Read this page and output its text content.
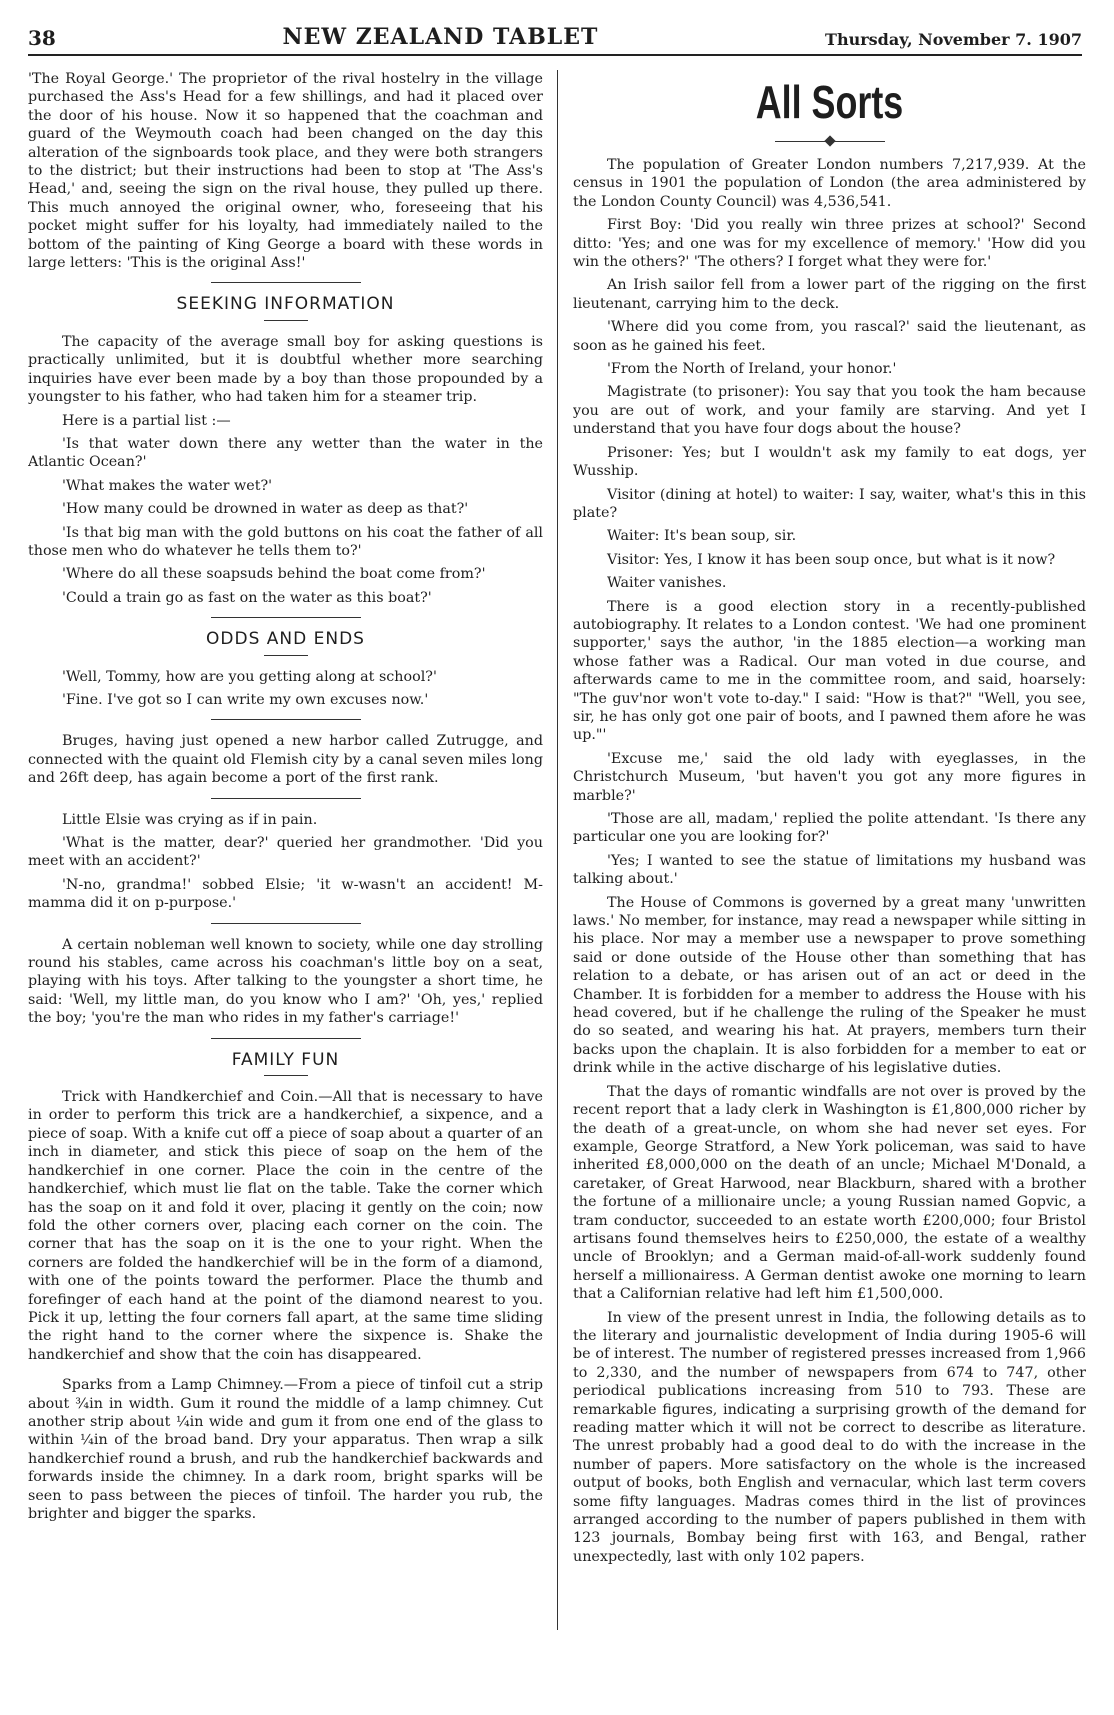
38	NEW ZEALAND TABLET	Thursday, November 7. 1907

'The Royal George.' The proprietor of the rival hostelry in the village purchased the Ass's Head for a few shillings, and had it placed over the door of his house. Now it so happened that the coachman and guard of the Weymouth coach had been changed on the day this alteration of the signboards took place, and they were both strangers to the district; but their instructions had been to stop at 'The Ass's Head,' and, seeing the sign on the rival house, they pulled up there. This much annoyed the original owner, who, foreseeing that his pocket might suffer for his loyalty, had immediately nailed to the bottom of the painting of King George a board with these words in large letters: 'This is the original Ass!'

SEEKING INFORMATION

The capacity of the average small boy for asking questions is practically unlimited, but it is doubtful whether more searching inquiries have ever been made by a boy than those propounded by a youngster to his father, who had taken him for a steamer trip.

Here is a partial list :—

'Is that water down there any wetter than the water in the Atlantic Ocean?'

'What makes the water wet?'

'How many could be drowned in water as deep as that?'

'Is that big man with the gold buttons on his coat the father of all those men who do whatever he tells them to?'

'Where do all these soapsuds behind the boat come from?'

'Could a train go as fast on the water as this boat?'

ODDS AND ENDS

'Well, Tommy, how are you getting along at school?'

'Fine. I've got so I can write my own excuses now.'

Bruges, having just opened a new harbor called Zutrugge, and connected with the quaint old Flemish city by a canal seven miles long and 26ft deep, has again become a port of the first rank.

Little Elsie was crying as if in pain.

'What is the matter, dear?' queried her grandmother. 'Did you meet with an accident?'

'N-no, grandma!' sobbed Elsie; 'it w-wasn't an accident! M-mamma did it on p-purpose.'

A certain nobleman well known to society, while one day strolling round his stables, came across his coachman's little boy on a seat, playing with his toys. After talking to the youngster a short time, he said: 'Well, my little man, do you know who I am?' 'Oh, yes,' replied the boy; 'you're the man who rides in my father's carriage!'

FAMILY FUN

Trick with Handkerchief and Coin.—All that is necessary to have in order to perform this trick are a handkerchief, a sixpence, and a piece of soap. With a knife cut off a piece of soap about a quarter of an inch in diameter, and stick this piece of soap on the hem of the handkerchief in one corner. Place the coin in the centre of the handkerchief, which must lie flat on the table. Take the corner which has the soap on it and fold it over, placing it gently on the coin; now fold the other corners over, placing each corner on the coin. The corner that has the soap on it is the one to your right. When the corners are folded the handkerchief will be in the form of a diamond, with one of the points toward the performer. Place the thumb and forefinger of each hand at the point of the diamond nearest to you. Pick it up, letting the four corners fall apart, at the same time sliding the right hand to the corner where the sixpence is. Shake the handkerchief and show that the coin has disappeared.

Sparks from a Lamp Chimney.—From a piece of tinfoil cut a strip about ¾in in width. Gum it round the middle of a lamp chimney. Cut another strip about ¼in wide and gum it from one end of the glass to within ¼in of the broad band. Dry your apparatus. Then wrap a silk handkerchief round a brush, and rub the handkerchief backwards and forwards inside the chimney. In a dark room, bright sparks will be seen to pass between the pieces of tinfoil. The harder you rub, the brighter and bigger the sparks.

All Sorts

The population of Greater London numbers 7,217,939. At the census in 1901 the population of London (the area administered by the London County Council) was 4,536,541.

First Boy: 'Did you really win three prizes at school?' Second ditto: 'Yes; and one was for my excellence of memory.' 'How did you win the others?' 'The others? I forget what they were for.'

An Irish sailor fell from a lower part of the rigging on the first lieutenant, carrying him to the deck.

'Where did you come from, you rascal?' said the lieutenant, as soon as he gained his feet.

'From the North of Ireland, your honor.'

Magistrate (to prisoner): You say that you took the ham because you are out of work, and your family are starving. And yet I understand that you have four dogs about the house?

Prisoner: Yes; but I wouldn't ask my family to eat dogs, yer Wusship.

Visitor (dining at hotel) to waiter: I say, waiter, what's this in this plate?

Waiter: It's bean soup, sir.

Visitor: Yes, I know it has been soup once, but what is it now?

Waiter vanishes.

There is a good election story in a recently-published autobiography. It relates to a London contest. 'We had one prominent supporter,' says the author, 'in the 1885 election—a working man whose father was a Radical. Our man voted in due course, and afterwards came to me in the committee room, and said, hoarsely: "The guv'nor won't vote to-day." I said: "How is that?" "Well, you see, sir, he has only got one pair of boots, and I pawned them afore he was up."'

'Excuse me,' said the old lady with eyeglasses, in the Christchurch Museum, 'but haven't you got any more figures in marble?'

'Those are all, madam,' replied the polite attendant. 'Is there any particular one you are looking for?'

'Yes; I wanted to see the statue of limitations my husband was talking about.'

The House of Commons is governed by a great many 'unwritten laws.' No member, for instance, may read a newspaper while sitting in his place. Nor may a member use a newspaper to prove something said or done outside of the House other than something that has relation to a debate, or has arisen out of an act or deed in the Chamber. It is forbidden for a member to address the House with his head covered, but if he challenge the ruling of the Speaker he must do so seated, and wearing his hat. At prayers, members turn their backs upon the chaplain. It is also forbidden for a member to eat or drink while in the active discharge of his legislative duties.

That the days of romantic windfalls are not over is proved by the recent report that a lady clerk in Washington is £1,800,000 richer by the death of a great-uncle, on whom she had never set eyes. For example, George Stratford, a New York policeman, was said to have inherited £8,000,000 on the death of an uncle; Michael M'Donald, a caretaker, of Great Harwood, near Blackburn, shared with a brother the fortune of a millionaire uncle; a young Russian named Gopvic, a tram conductor, succeeded to an estate worth £200,000; four Bristol artisans found themselves heirs to £250,000, the estate of a wealthy uncle of Brooklyn; and a German maid-of-all-work suddenly found herself a millionairess. A German dentist awoke one morning to learn that a Californian relative had left him £1,500,000.

In view of the present unrest in India, the following details as to the literary and journalistic development of India during 1905-6 will be of interest. The number of registered presses increased from 1,966 to 2,330, and the number of newspapers from 674 to 747, other periodical publications increasing from 510 to 793. These are remarkable figures, indicating a surprising growth of the demand for reading matter which it will not be correct to describe as literature. The unrest probably had a good deal to do with the increase in the number of papers. More satisfactory on the whole is the increased output of books, both English and vernacular, which last term covers some fifty languages. Madras comes third in the list of provinces arranged according to the number of papers published in them with 123 journals, Bombay being first with 163, and Bengal, rather unexpectedly, last with only 102 papers.
